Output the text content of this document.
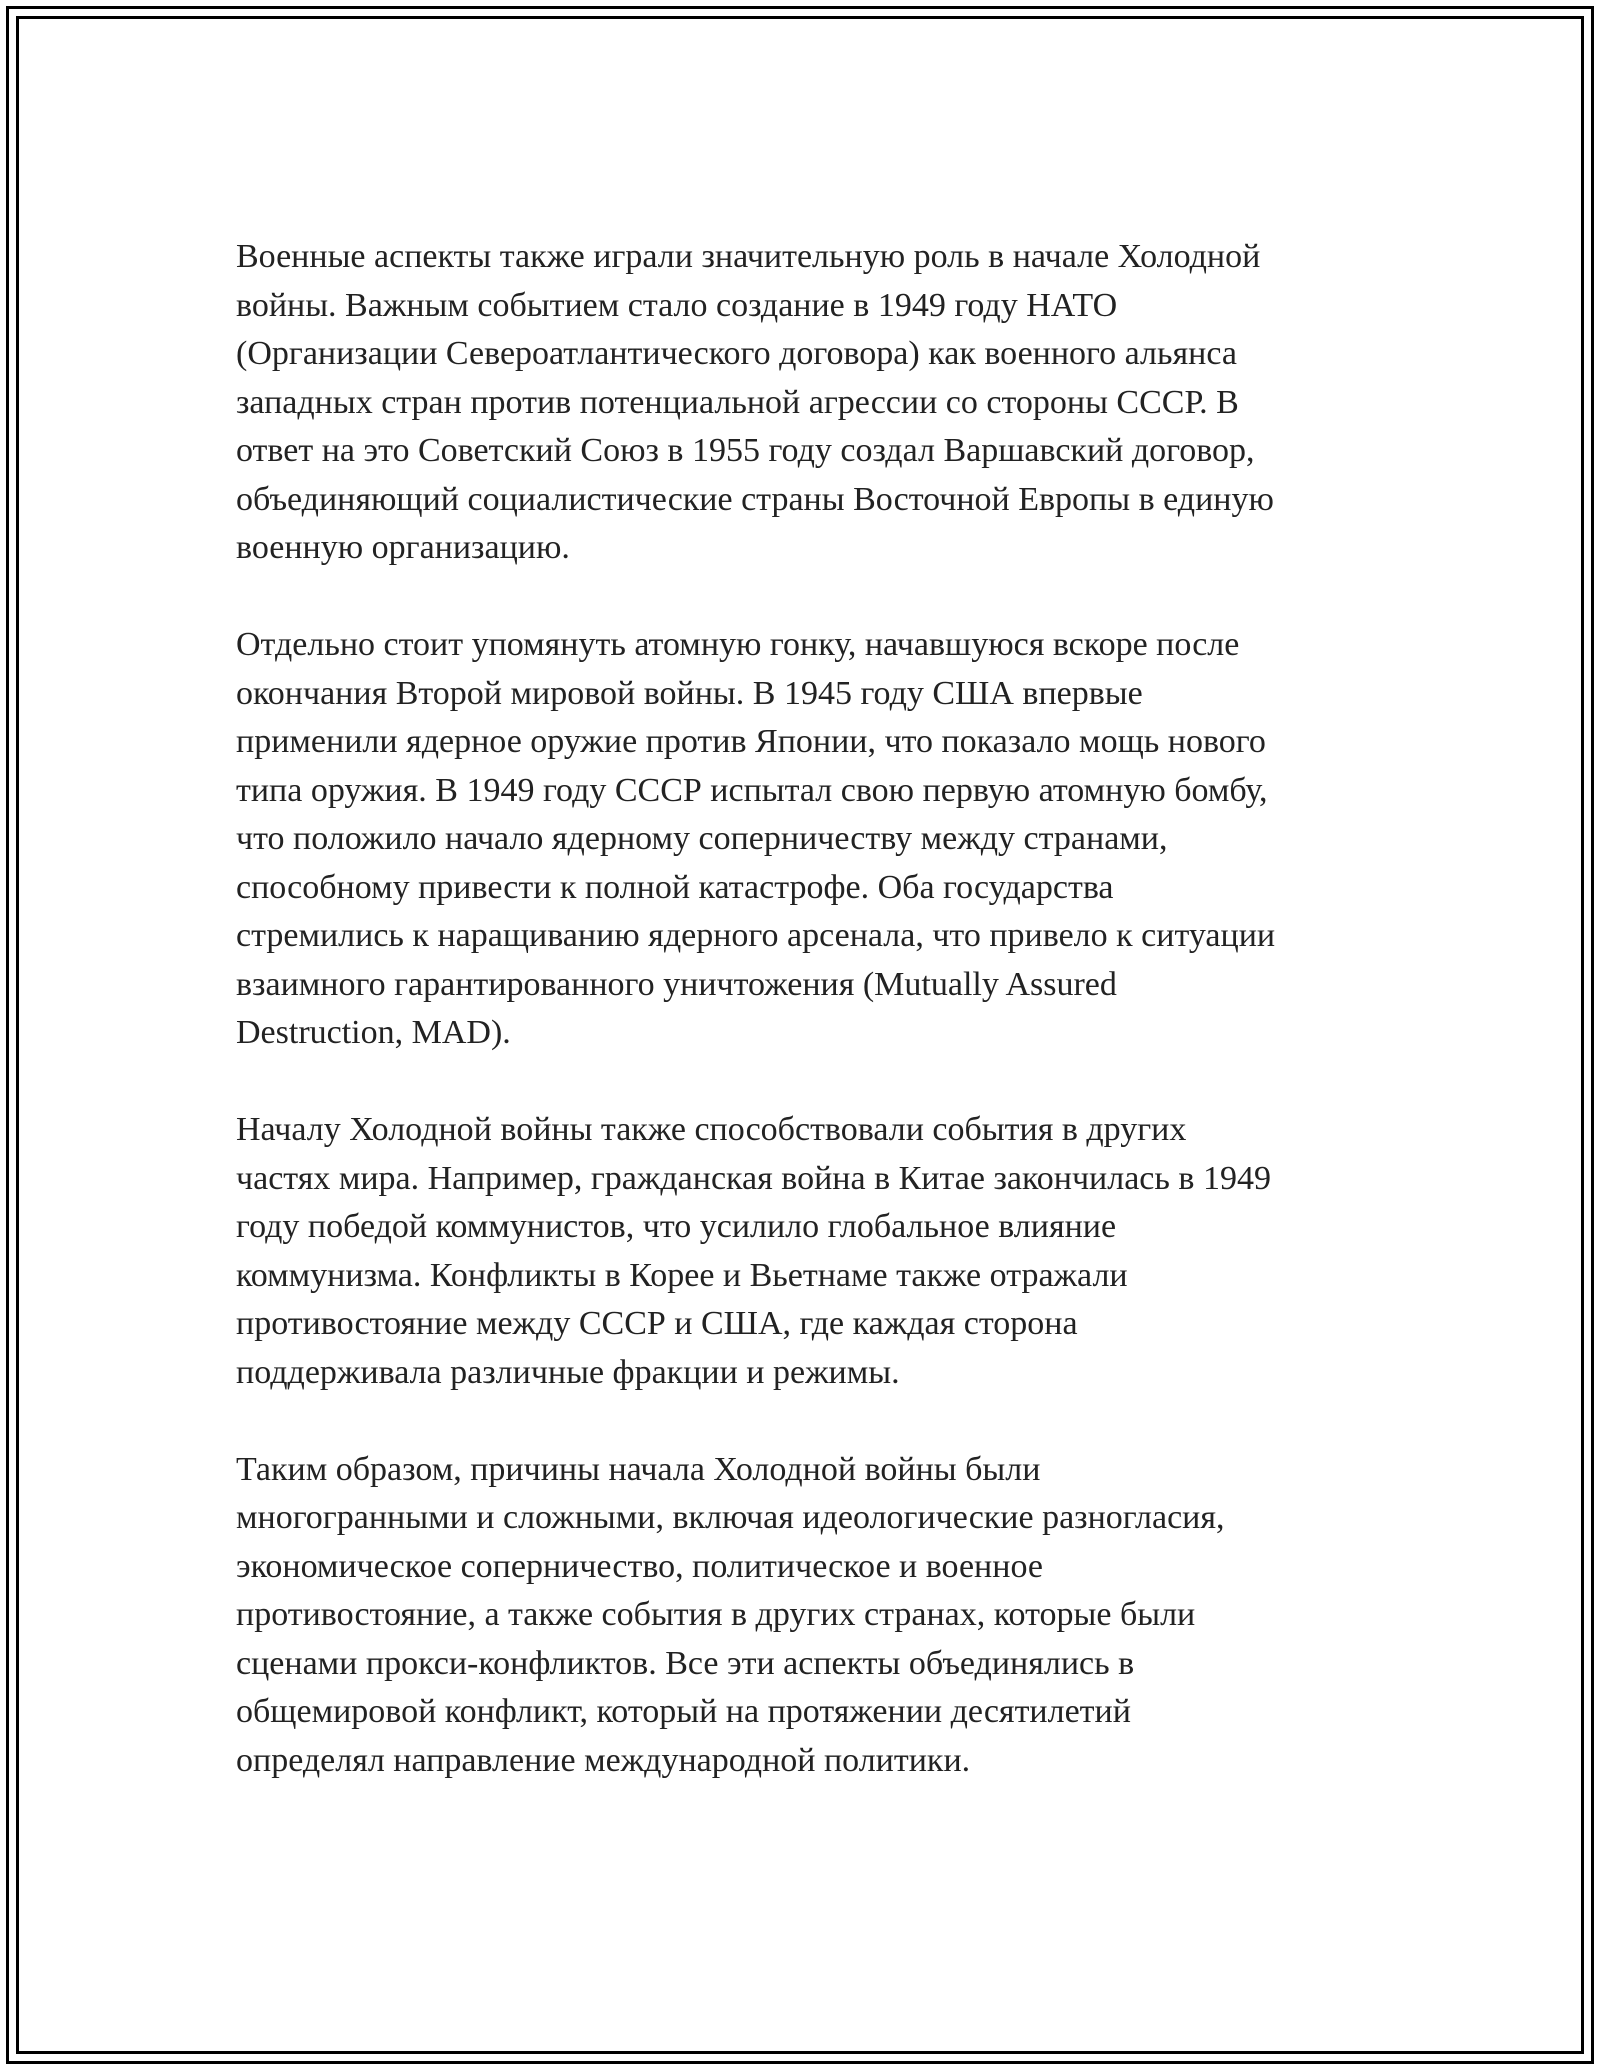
Военные аспекты также играли значительную роль в начале Холодной
войны. Важным событием стало создание в 1949 году НАТО
(Организации Североатлантического договора) как военного альянса
западных стран против потенциальной агрессии со стороны СССР. В
ответ на это Советский Союз в 1955 году создал Варшавский договор,
объединяющий социалистические страны Восточной Европы в единую
военную организацию.

Отдельно стоит упомянуть атомную гонку, начавшуюся вскоре после
окончания Второй мировой войны. В 1945 году США впервые
применили ядерное оружие против Японии, что показало мощь нового
типа оружия. В 1949 году СССР испытал свою первую атомную бомбу,
что положило начало ядерному соперничеству между странами,
способному привести к полной катастрофе. Оба государства
стремились к наращиванию ядерного арсенала, что привело к ситуации
взаимного гарантированного уничтожения (Mutually Assured
Destruction, MAD).

Началу Холодной войны также способствовали события в других
частях мира. Например, гражданская война в Китае закончилась в 1949
году победой коммунистов, что усилило глобальное влияние
коммунизма. Конфликты в Корее и Вьетнаме также отражали
противостояние между СССР и США, где каждая сторона
поддерживала различные фракции и режимы.

Таким образом, причины начала Холодной войны были
многогранными и сложными, включая идеологические разногласия,
экономическое соперничество, политическое и военное
противостояние, а также события в других странах, которые были
сценами прокси-конфликтов. Все эти аспекты объединялись в
общемировой конфликт, который на протяжении десятилетий
определял направление международной политики.
